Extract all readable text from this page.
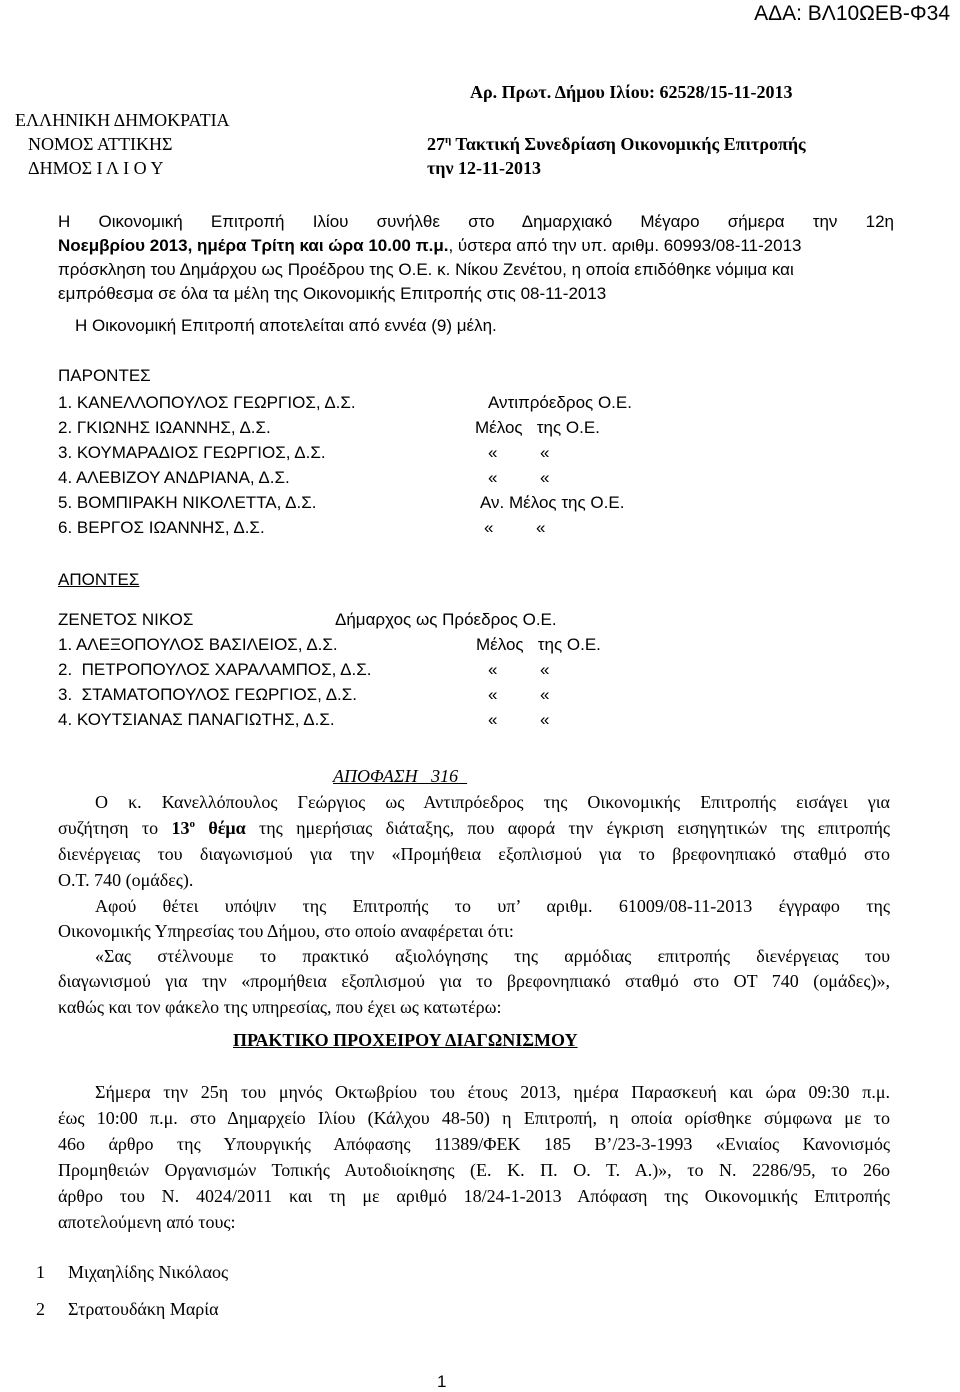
ΑΔΑ: ΒΛ10ΩΕΒ-Φ34
Αρ. Πρωτ. Δήμου Ιλίου: 62528/15-11-2013
ΕΛΛΗΝΙΚΗ ΔΗΜΟΚΡΑΤΙΑ
ΝΟΜΟΣ ΑΤΤΙΚΗΣ
ΔΗΜΟΣ Ι Λ Ι Ο Υ
$27^\eta$ Τακτική Συνεδρίαση Οικονομικής Επιτροπής
την 12-11-2013
Η Οικονομική Επιτροπή Ιλίου συνήλθε στο Δημαρχιακό Μέγαρο σήμερα την 12η
Νοεμβρίου 2013, ημέρα Τρίτη και ώρα 10.00 π.μ., ύστερα από την υπ. αριθμ. 60993/08-11-2013
πρόσκληση του Δημάρχου ως Προέδρου της Ο.Ε. κ. Νίκου Ζενέτου, η οποία επιδόθηκε νόμιμα και
εμπρόθεσμα σε όλα τα μέλη της Οικονομικής Επιτροπής στις 08-11-2013
Η Οικονομική Επιτροπή αποτελείται από εννέα (9) μέλη.
ΠΑΡΟΝΤΕΣ
1. ΚΑΝΕΛΛΟΠΟΥΛΟΣ ΓΕΩΡΓΙΟΣ, Δ.Σ.	Αντιπρόεδρος Ο.Ε.
2. ΓΚΙΩΝΗΣ ΙΩΑΝΝΗΣ, Δ.Σ.	Μέλος   της Ο.Ε.
3. ΚΟΥΜΑΡΑΔΙΟΣ ΓΕΩΡΓΙΟΣ, Δ.Σ.	«         «
4. ΑΛΕΒΙΖΟΥ ΑΝΔΡΙΑΝΑ, Δ.Σ.	«         «
5. ΒΟΜΠΙΡΑΚΗ ΝΙΚΟΛΕΤΤΑ, Δ.Σ.	Αν. Μέλος της Ο.Ε.
6. ΒΕΡΓΟΣ ΙΩΑΝΝΗΣ, Δ.Σ.	«         «
ΑΠΟΝΤΕΣ
ΖΕΝΕΤΟΣ ΝΙΚΟΣ	Δήμαρχος ως Πρόεδρος Ο.Ε.
1. ΑΛΕΞΟΠΟΥΛΟΣ ΒΑΣΙΛΕΙΟΣ, Δ.Σ.	Μέλος   της Ο.Ε.
2.  ΠΕΤΡΟΠΟΥΛΟΣ ΧΑΡΑΛΑΜΠΟΣ, Δ.Σ.	«         «
3.  ΣΤΑΜΑΤΟΠΟΥΛΟΣ ΓΕΩΡΓΙΟΣ, Δ.Σ.	«         «
4. ΚΟΥΤΣΙΑΝΑΣ ΠΑΝΑΓΙΩΤΗΣ, Δ.Σ.	«         «
ΑΠΟΦΑΣΗ   316
Ο κ. Κανελλόπουλος Γεώργιος ως Αντιπρόεδρος της Οικονομικής Επιτροπής εισάγει για
συζήτηση το $13^o$ θέμα της ημερήσιας διάταξης, που αφορά την έγκριση εισηγητικών της επιτροπής
διενέργειας του διαγωνισμού για την «Προμήθεια εξοπλισμού για το βρεφονηπιακό σταθμό στο
Ο.Τ. 740 (ομάδες).
Αφού θέτει υπόψιν της Επιτροπής το υπ’ αριθμ. 61009/08-11-2013 έγγραφο της
Οικονομικής Υπηρεσίας του Δήμου, στο οποίο αναφέρεται ότι:
«Σας στέλνουμε το πρακτικό αξιολόγησης της αρμόδιας επιτροπής διενέργειας του
διαγωνισμού για την «προμήθεια εξοπλισμού για το βρεφονηπιακό σταθμό στο ΟΤ 740 (ομάδες)»,
καθώς και τον φάκελο της υπηρεσίας, που έχει ως κατωτέρω:
ΠΡΑΚΤΙΚΟ ΠΡΟΧΕΙΡΟΥ ΔΙΑΓΩΝΙΣΜΟΥ
Σήμερα την 25η του μηνός Οκτωβρίου του έτους 2013, ημέρα Παρασκευή και ώρα 09:30 π.μ.
έως 10:00 π.μ. στο Δημαρχείο Ιλίου (Κάλχου 48-50) η Επιτροπή, η οποία ορίσθηκε σύμφωνα με το
46ο άρθρο της Υπουργικής Απόφασης 11389/ΦΕΚ 185 Β’/23-3-1993 «Ενιαίος Κανονισμός
Προμηθειών Οργανισμών Τοπικής Αυτοδιοίκησης (Ε. Κ. Π. Ο. Τ. Α.)», το Ν. 2286/95, το 26ο
άρθρο του Ν. 4024/2011 και τη με αριθμό 18/24-1-2013 Απόφαση της Οικονομικής Επιτροπής
αποτελούμενη από τους:
1 Μιχαηλίδης Νικόλαος
2 Στρατουδάκη Μαρία
1
